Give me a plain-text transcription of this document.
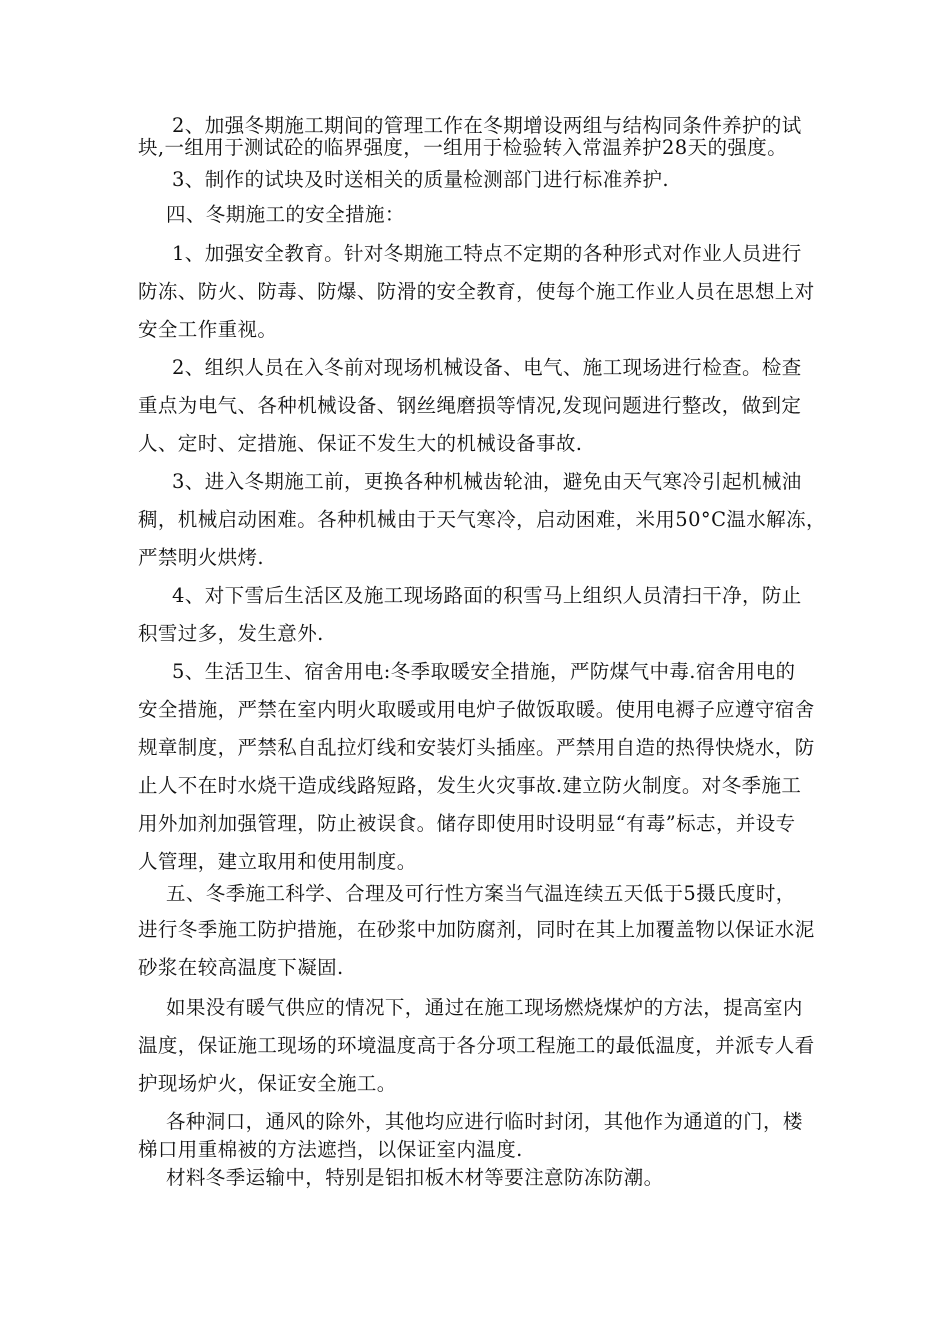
2、加强冬期施工期间的管理工作在冬期增设两组与结构同条件养护的试
块,一组用于测试砼的临界强度，一组用于检验转入常温养护28天的强度。
3、制作的试块及时送相关的质量检测部门进行标准养护.
四、冬期施工的安全措施：
1、加强安全教育。针对冬期施工特点不定期的各种形式对作业人员进行
防冻、防火、防毒、防爆、防滑的安全教育，使每个施工作业人员在思想上对
安全工作重视。
2、组织人员在入冬前对现场机械设备、电气、施工现场进行检查。检查
重点为电气、各种机械设备、钢丝绳磨损等情况,发现问题进行整改，做到定
人、定时、定措施、保证不发生大的机械设备事故.
3、进入冬期施工前，更换各种机械齿轮油，避免由天气寒冷引起机械油
稠，机械启动困难。各种机械由于天气寒冷，启动困难，米用50°C温水解冻，
严禁明火烘烤.
4、对下雪后生活区及施工现场路面的积雪马上组织人员清扫干净，防止
积雪过多，发生意外.
5、生活卫生、宿舍用电:冬季取暖安全措施，严防煤气中毒.宿舍用电的
安全措施，严禁在室内明火取暖或用电炉子做饭取暖。使用电褥子应遵守宿舍
规章制度，严禁私自乱拉灯线和安装灯头插座。严禁用自造的热得快烧水，防
止人不在时水烧干造成线路短路，发生火灾事故.建立防火制度。对冬季施工
用外加剂加强管理，防止被误食。储存即使用时设明显“有毒”标志，并设专
人管理，建立取用和使用制度。
五、冬季施工科学、合理及可行性方案当气温连续五天低于5摄氏度时，
进行冬季施工防护措施，在砂浆中加防腐剂，同时在其上加覆盖物以保证水泥
砂浆在较高温度下凝固.
如果没有暖气供应的情况下，通过在施工现场燃烧煤炉的方法，提高室内
温度，保证施工现场的环境温度高于各分项工程施工的最低温度，并派专人看
护现场炉火，保证安全施工。
各种洞口，通风的除外，其他均应进行临时封闭，其他作为通道的门，楼
梯口用重棉被的方法遮挡，以保证室内温度.
材料冬季运输中，特别是铝扣板木材等要注意防冻防潮。
